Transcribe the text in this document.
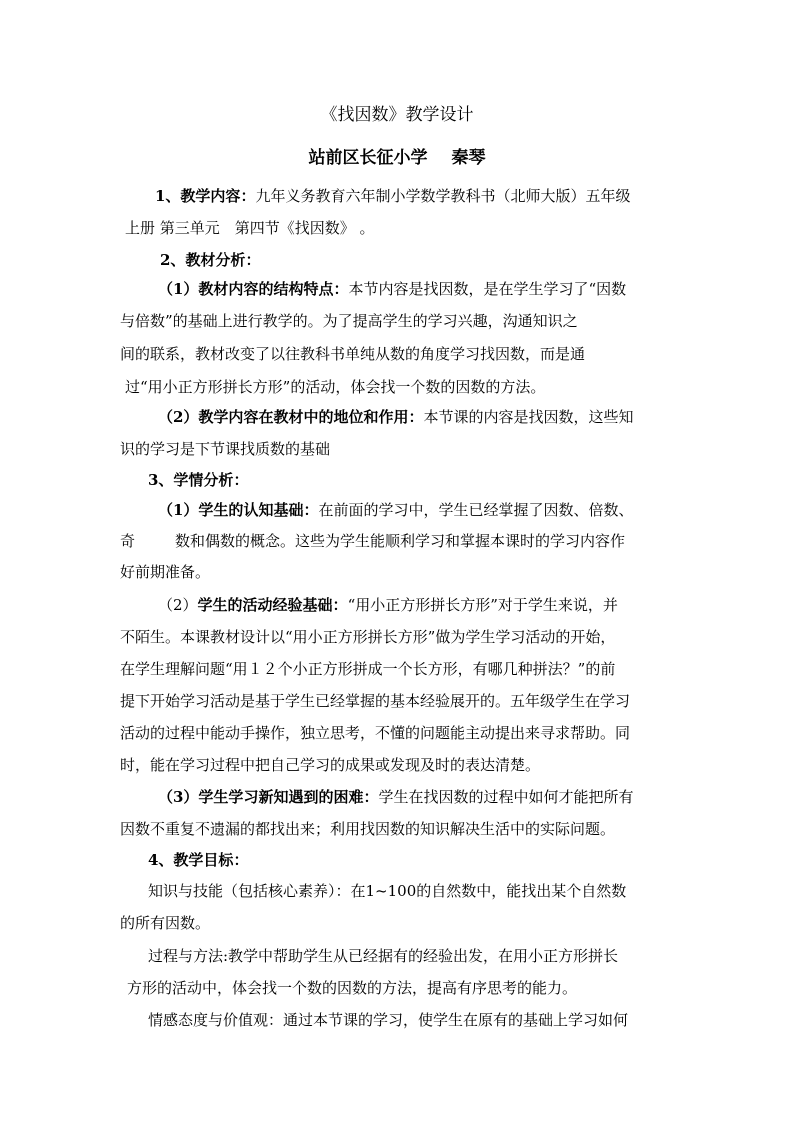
《找因数》教学设计
站前区长征小学 秦琴
1、教学内容：九年义务教育六年制小学数学教科书（北师大版）五年级
上册 第三单元　第四节《找因数》 。
2、教材分析：
（1）教材内容的结构特点：本节内容是找因数，是在学生学习了“因数
与倍数”的基础上进行教学的。为了提高学生的学习兴趣，沟通知识之
间的联系，教材改变了以往教科书单纯从数的角度学习找因数，而是通
过“用小正方形拼长方形”的活动，体会找一个数的因数的方法。
（2）教学内容在教材中的地位和作用：本节课的内容是找因数，这些知
识的学习是下节课找质数的基础
3、学情分析：
（1）学生的认知基础：在前面的学习中，学生已经掌握了因数、倍数、
奇	数和偶数的概念。这些为学生能顺利学习和掌握本课时的学习内容作
好前期准备。
（2）学生的活动经验基础：“用小正方形拼长方形”对于学生来说，并
不陌生。本课教材设计以“用小正方形拼长方形”做为学生学习活动的开始，
在学生理解问题“用１２个小正方形拼成一个长方形，有哪几种拼法？”的前
提下开始学习活动是基于学生已经掌握的基本经验展开的。五年级学生在学习
活动的过程中能动手操作，独立思考，不懂的问题能主动提出来寻求帮助。同
时，能在学习过程中把自己学习的成果或发现及时的表达清楚。
（3）学生学习新知遇到的困难：学生在找因数的过程中如何才能把所有
因数不重复不遗漏的都找出来；利用找因数的知识解决生活中的实际问题。
4、教学目标：
知识与技能（包括核心素养）：在1~100的自然数中，能找出某个自然数
的所有因数。
过程与方法:教学中帮助学生从已经据有的经验出发，在用小正方形拼长
方形的活动中，体会找一个数的因数的方法，提高有序思考的能力。
情感态度与价值观：通过本节课的学习，使学生在原有的基础上学习如何
